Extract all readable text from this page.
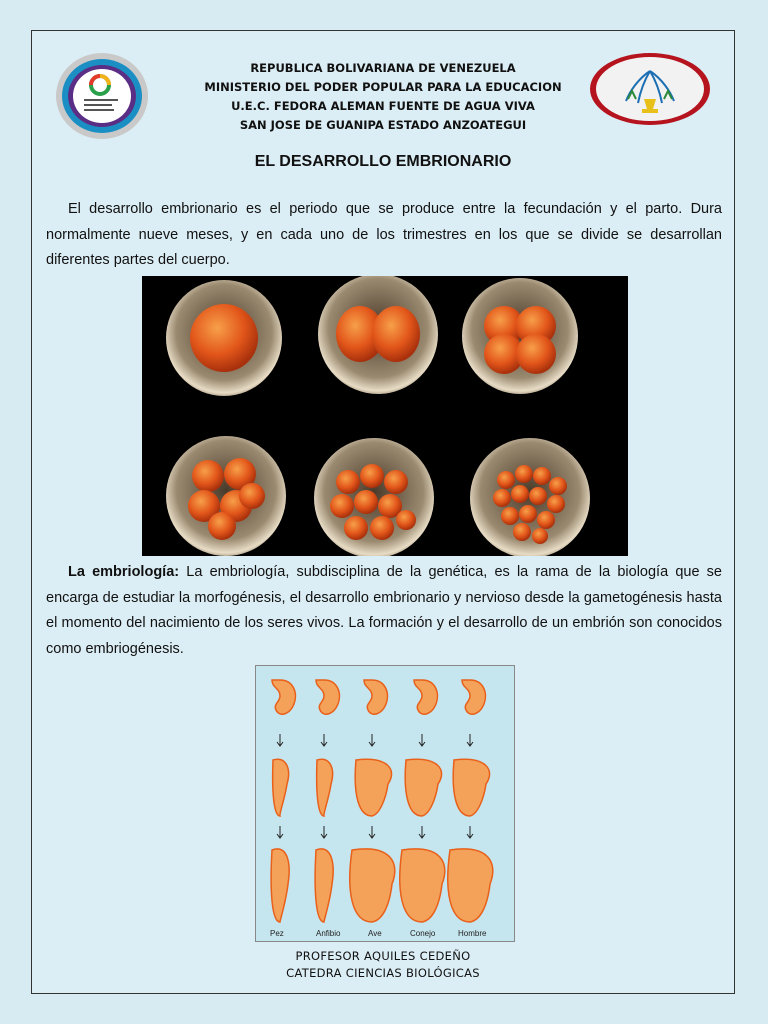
REPUBLICA BOLIVARIANA DE VENEZUELA
MINISTERIO DEL PODER POPULAR PARA LA EDUCACION
U.E.C. FEDORA ALEMAN FUENTE DE AGUA VIVA
SAN JOSE DE GUANIPA ESTADO ANZOATEGUI
EL DESARROLLO EMBRIONARIO
El desarrollo embrionario es el periodo que se produce entre la fecundación y el parto. Dura normalmente nueve meses, y en cada uno de los trimestres en los que se divide se desarrollan diferentes partes del cuerpo.
La embriología: La embriología, subdisciplina de la genética, es la rama de la biología que se encarga de estudiar la morfogénesis, el desarrollo embrionario y nervioso desde la gametogénesis hasta el momento del nacimiento de los seres vivos. La formación y el desarrollo de un embrión son conocidos como embriogénesis.
Pez	Anfibio	Ave	Conejo	Hombre
PROFESOR AQUILES CEDEÑO
CATEDRA CIENCIAS BIOLÓGICAS
